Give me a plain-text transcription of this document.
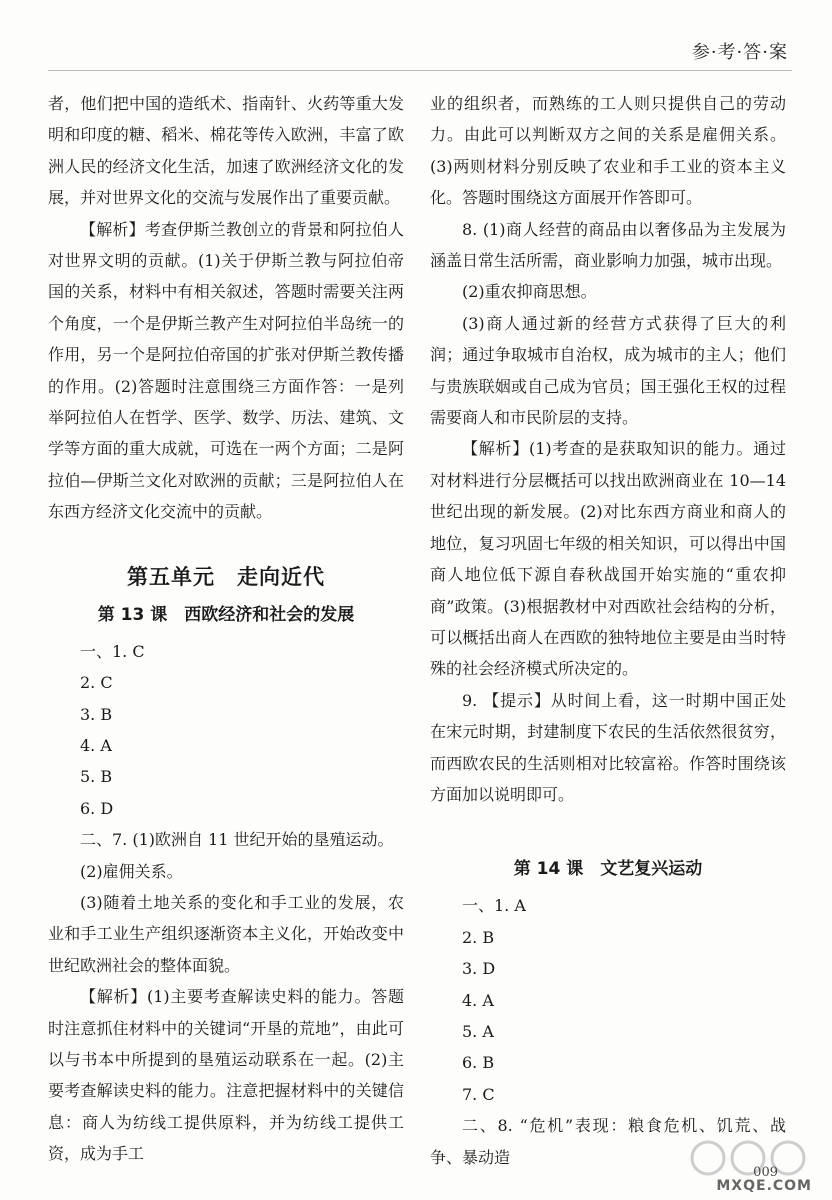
参·考·答·案

者，他们把中国的造纸术、指南针、火药等重大发明和印度的糖、稻米、棉花等传入欧洲，丰富了欧洲人民的经济文化生活，加速了欧洲经济文化的发展，并对世界文化的交流与发展作出了重要贡献。

【解析】考查伊斯兰教创立的背景和阿拉伯人对世界文明的贡献。(1)关于伊斯兰教与阿拉伯帝国的关系，材料中有相关叙述，答题时需要关注两个角度，一个是伊斯兰教产生对阿拉伯半岛统一的作用，另一个是阿拉伯帝国的扩张对伊斯兰教传播的作用。(2)答题时注意围绕三方面作答：一是列举阿拉伯人在哲学、医学、数学、历法、建筑、文学等方面的重大成就，可选在一两个方面；二是阿拉伯—伊斯兰文化对欧洲的贡献；三是阿拉伯人在东西方经济文化交流中的贡献。

第五单元　走向近代
第 13 课　西欧经济和社会的发展

一、1. C

2. C

3. B

4. A

5. B

6. D

二、7. (1)欧洲自 11 世纪开始的垦殖运动。

(2)雇佣关系。

(3)随着土地关系的变化和手工业的发展，农业和手工业生产组织逐渐资本主义化，开始改变中世纪欧洲社会的整体面貌。

【解析】(1)主要考查解读史料的能力。答题时注意抓住材料中的关键词“开垦的荒地”，由此可以与书本中所提到的垦殖运动联系在一起。(2)主要考查解读史料的能力。注意把握材料中的关键信息：商人为纺线工提供原料，并为纺线工提供工资，成为手工

业的组织者，而熟练的工人则只提供自己的劳动力。由此可以判断双方之间的关系是雇佣关系。(3)两则材料分别反映了农业和手工业的资本主义化。答题时围绕这方面展开作答即可。

8. (1)商人经营的商品由以奢侈品为主发展为涵盖日常生活所需，商业影响力加强，城市出现。

(2)重农抑商思想。

(3)商人通过新的经营方式获得了巨大的利润；通过争取城市自治权，成为城市的主人；他们与贵族联姻或自己成为官员；国王强化王权的过程需要商人和市民阶层的支持。

【解析】(1)考查的是获取知识的能力。通过对材料进行分层概括可以找出欧洲商业在 10—14 世纪出现的新发展。(2)对比东西方商业和商人的地位，复习巩固七年级的相关知识，可以得出中国商人地位低下源自春秋战国开始实施的“重农抑商”政策。(3)根据教材中对西欧社会结构的分析，可以概括出商人在西欧的独特地位主要是由当时特殊的社会经济模式所决定的。

9. 【提示】从时间上看，这一时期中国正处在宋元时期，封建制度下农民的生活依然很贫穷，而西欧农民的生活则相对比较富裕。作答时围绕该方面加以说明即可。

第 14 课　文艺复兴运动

一、1. A

2. B

3. D

4. A

5. A

6. B

7. C

二、8. “危机”表现：粮食危机、饥荒、战争、暴动造

009
MXQE.COM
